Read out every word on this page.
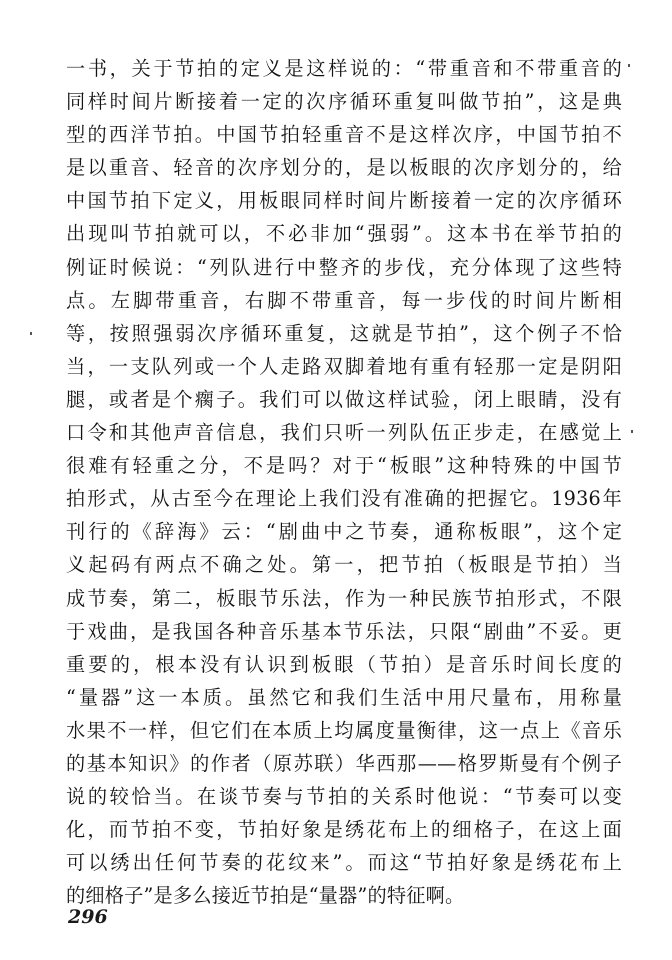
一书，关于节拍的定义是这样说的：“带重音和不带重音的
同样时间片断接着一定的次序循环重复叫做节拍”，这是典
型的西洋节拍。中国节拍轻重音不是这样次序，中国节拍不
是以重音、轻音的次序划分的，是以板眼的次序划分的，给
中国节拍下定义，用板眼同样时间片断接着一定的次序循环
出现叫节拍就可以，不必非加“强弱”。这本书在举节拍的
例证时候说：“列队进行中整齐的步伐，充分体现了这些特
点。左脚带重音，右脚不带重音，每一步伐的时间片断相
等，按照强弱次序循环重复，这就是节拍”，这个例子不恰
当，一支队列或一个人走路双脚着地有重有轻那一定是阴阳
腿，或者是个瘸子。我们可以做这样试验，闭上眼睛，没有
口令和其他声音信息，我们只听一列队伍正步走，在感觉上
很难有轻重之分，不是吗？对于“板眼”这种特殊的中国节
拍形式，从古至今在理论上我们没有准确的把握它。1936年
刊行的《辞海》云：“剧曲中之节奏，通称板眼”，这个定
义起码有两点不确之处。第一，把节拍（板眼是节拍）当
成节奏，第二，板眼节乐法，作为一种民族节拍形式，不限
于戏曲，是我国各种音乐基本节乐法，只限“剧曲”不妥。更
重要的，根本没有认识到板眼（节拍）是音乐时间长度的
“量器”这一本质。虽然它和我们生活中用尺量布，用称量
水果不一样，但它们在本质上均属度量衡律，这一点上《音乐
的基本知识》的作者（原苏联）华西那——格罗斯曼有个例子
说的较恰当。在谈节奏与节拍的关系时他说：“节奏可以变
化，而节拍不变，节拍好象是绣花布上的细格子，在这上面
可以绣出任何节奏的花纹来”。而这“节拍好象是绣花布上
的细格子”是多么接近节拍是“量器”的特征啊。
296
